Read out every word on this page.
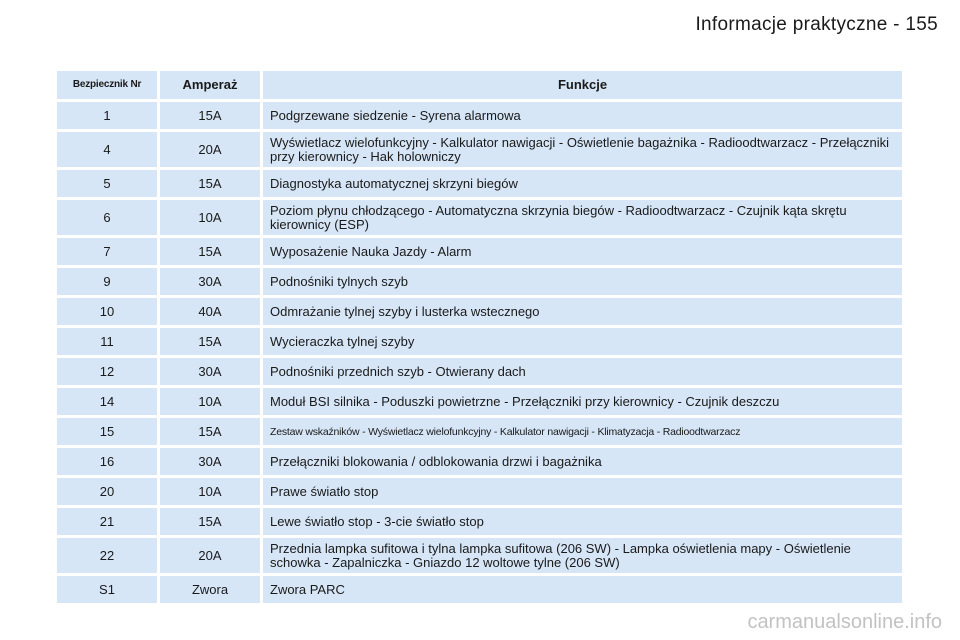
Informacje praktyczne - 155
Bezpiecznik Nr	Amperaż	Funkcje
1	15A	Podgrzewane siedzenie - Syrena alarmowa
4	20A	Wyświetlacz wielofunkcyjny - Kalkulator nawigacji - Oświetlenie bagażnika - Radioodtwarzacz - Przełączniki przy kierownicy - Hak holowniczy
5	15A	Diagnostyka automatycznej skrzyni biegów
6	10A	Poziom płynu chłodzącego - Automatyczna skrzynia biegów - Radioodtwarzacz - Czujnik kąta skrętu kierownicy (ESP)
7	15A	Wyposażenie Nauka Jazdy - Alarm
9	30A	Podnośniki tylnych szyb
10	40A	Odmrażanie tylnej szyby i lusterka wstecznego
11	15A	Wycieraczka tylnej szyby
12	30A	Podnośniki przednich szyb - Otwierany dach
14	10A	Moduł BSI silnika - Poduszki powietrzne - Przełączniki przy kierownicy - Czujnik deszczu
15	15A	Zestaw wskaźników - Wyświetlacz wielofunkcyjny - Kalkulator nawigacji - Klimatyzacja - Radioodtwarzacz
16	30A	Przełączniki blokowania / odblokowania drzwi i bagażnika
20	10A	Prawe światło stop
21	15A	Lewe światło stop - 3-cie światło stop
22	20A	Przednia lampka sufitowa i tylna lampka sufitowa (206 SW) - Lampka oświetlenia mapy - Oświetlenie schowka - Zapalniczka - Gniazdo 12 woltowe tylne (206 SW)
S1	Zwora	Zwora PARC
carmanualsonline.info
